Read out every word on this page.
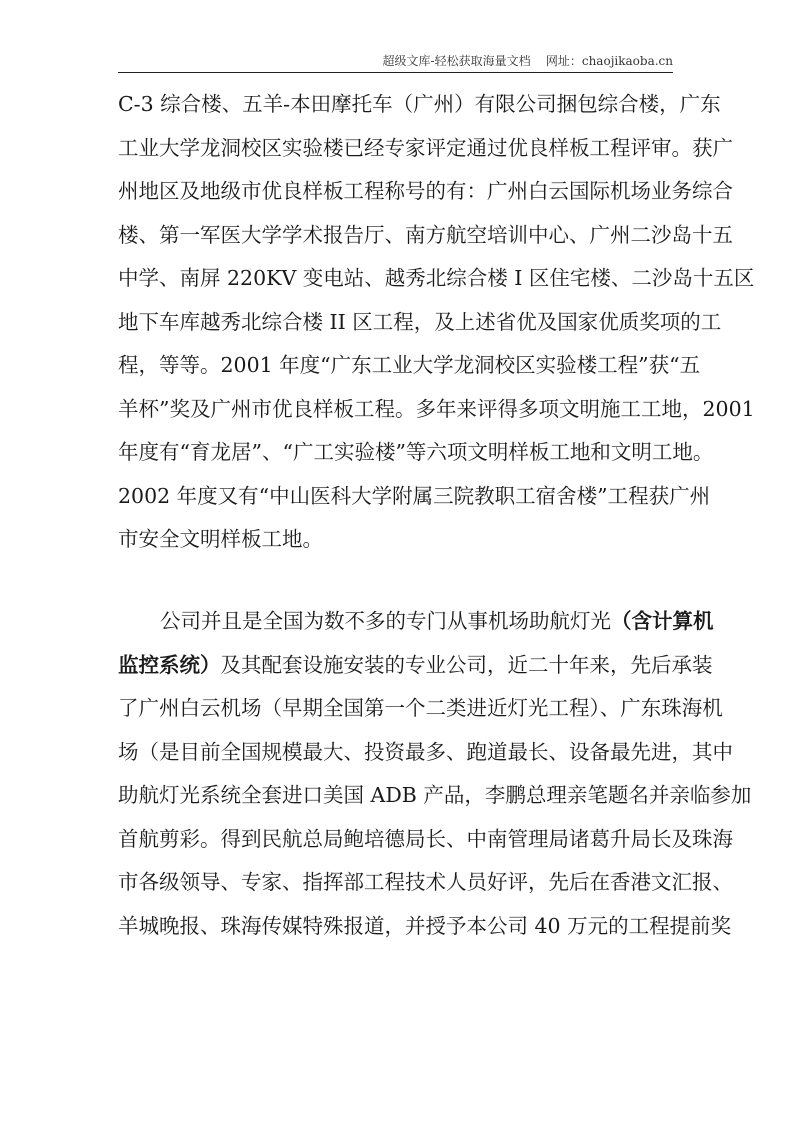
超级文库-轻松获取海量文档 网址：chaojikaoba.cn
C-3 综合楼、五羊-本田摩托车（广州）有限公司捆包综合楼，广东
工业大学龙洞校区实验楼已经专家评定通过优良样板工程评审。获广
州地区及地级市优良样板工程称号的有：广州白云国际机场业务综合
楼、第一军医大学学术报告厅、南方航空培训中心、广州二沙岛十五
中学、南屏 220KV 变电站、越秀北综合楼 I 区住宅楼、二沙岛十五区
地下车库越秀北综合楼 II 区工程，及上述省优及国家优质奖项的工
程，等等。2001 年度“广东工业大学龙洞校区实验楼工程”获“五
羊杯”奖及广州市优良样板工程。多年来评得多项文明施工工地，2001
年度有“育龙居”、“广工实验楼”等六项文明样板工地和文明工地。
2002 年度又有“中山医科大学附属三院教职工宿舍楼”工程获广州
市安全文明样板工地。
公司并且是全国为数不多的专门从事机场助航灯光（含计算机
监控系统）及其配套设施安装的专业公司，近二十年来，先后承装
了广州白云机场（早期全国第一个二类进近灯光工程）、广东珠海机
场（是目前全国规模最大、投资最多、跑道最长、设备最先进，其中
助航灯光系统全套进口美国 ADB 产品，李鹏总理亲笔题名并亲临参加
首航剪彩。得到民航总局鲍培德局长、中南管理局诸葛升局长及珠海
市各级领导、专家、指挥部工程技术人员好评，先后在香港文汇报、
羊城晚报、珠海传媒特殊报道，并授予本公司 40 万元的工程提前奖
